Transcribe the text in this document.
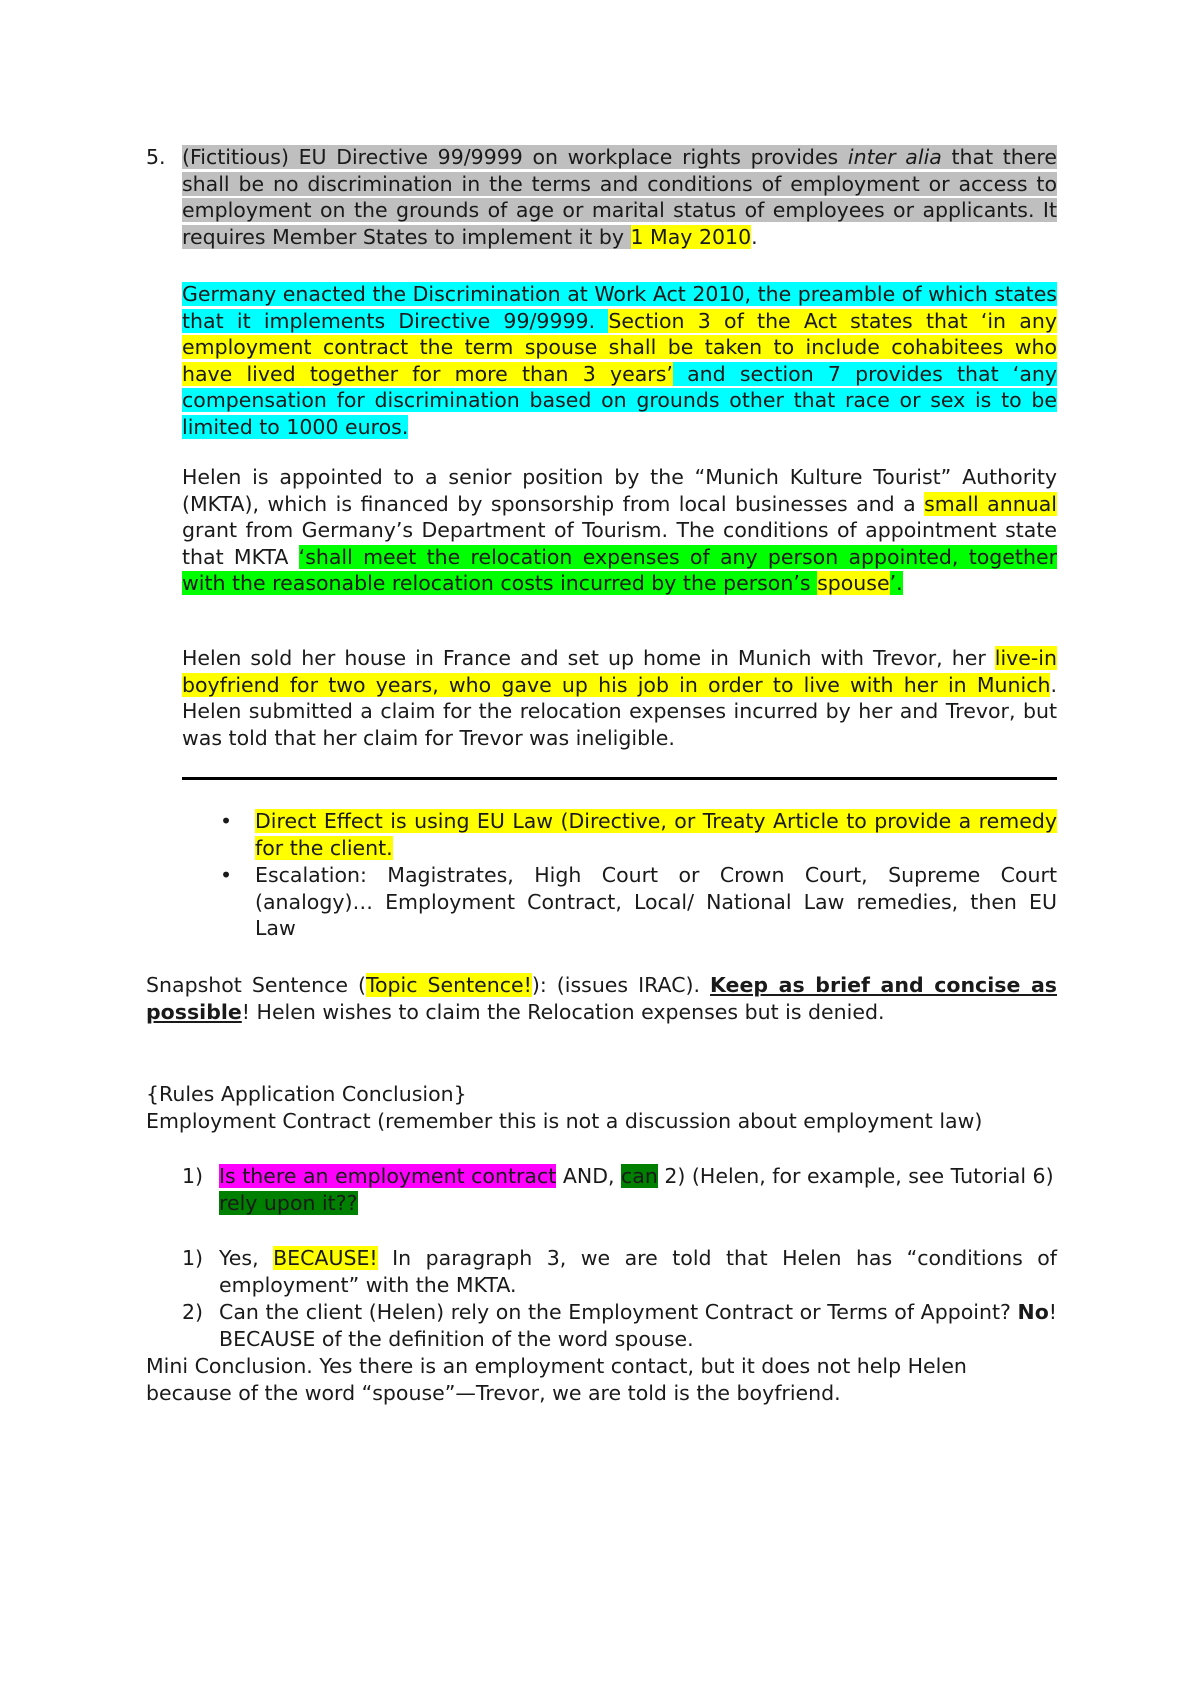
5. (Fictitious) EU Directive 99/9999 on workplace rights provides inter alia that there shall be no discrimination in the terms and conditions of employment or access to employment on the grounds of age or marital status of employees or applicants. It requires Member States to implement it by 1 May 2010.
Germany enacted the Discrimination at Work Act 2010, the preamble of which states that it implements Directive 99/9999. Section 3 of the Act states that ‘in any employment contract the term spouse shall be taken to include cohabitees who have lived together for more than 3 years’ and section 7 provides that ‘any compensation for discrimination based on grounds other that race or sex is to be limited to 1000 euros.
Helen is appointed to a senior position by the “Munich Kulture Tourist” Authority (MKTA), which is financed by sponsorship from local businesses and a small annual grant from Germany’s Department of Tourism. The conditions of appointment state that MKTA ‘shall meet the relocation expenses of any person appointed, together with the reasonable relocation costs incurred by the person’s spouse’.
Helen sold her house in France and set up home in Munich with Trevor, her live-in boyfriend for two years, who gave up his job in order to live with her in Munich. Helen submitted a claim for the relocation expenses incurred by her and Trevor, but was told that her claim for Trevor was ineligible.
• Direct Effect is using EU Law (Directive, or Treaty Article to provide a remedy for the client.
• Escalation: Magistrates, High Court or Crown Court, Supreme Court (analogy)… Employment Contract, Local/ National Law remedies, then EU Law
Snapshot Sentence (Topic Sentence!): (issues IRAC). Keep as brief and concise as possible! Helen wishes to claim the Relocation expenses but is denied.
{Rules Application Conclusion}
Employment Contract (remember this is not a discussion about employment law)
1) Is there an employment contract AND, can 2) (Helen, for example, see Tutorial 6) rely upon it??
1) Yes, BECAUSE! In paragraph 3, we are told that Helen has “conditions of employment” with the MKTA.
2) Can the client (Helen) rely on the Employment Contract or Terms of Appoint? No! BECAUSE of the definition of the word spouse.
Mini Conclusion. Yes there is an employment contact, but it does not help Helen because of the word “spouse”—Trevor, we are told is the boyfriend.
